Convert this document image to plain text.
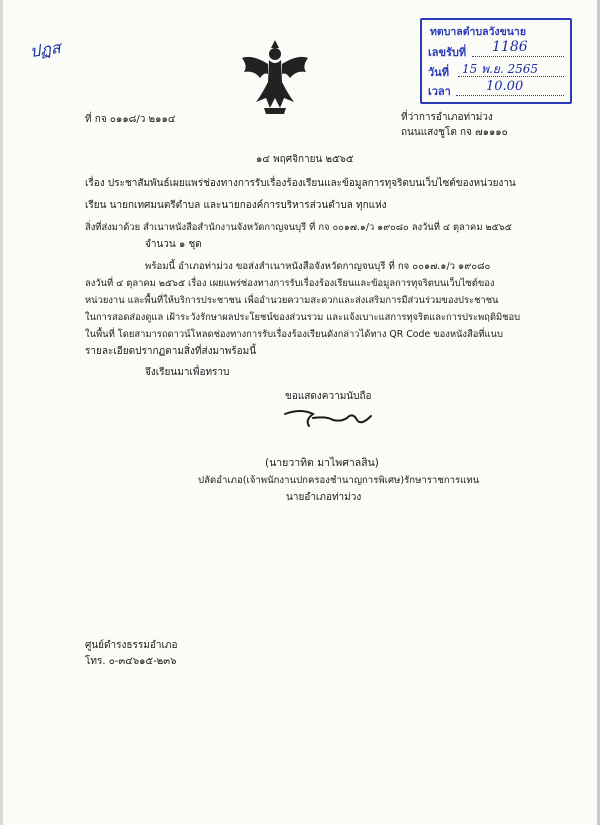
ปฏส
ทตบาลตำบลวังขนาย
เลขรับที่ 1186
วันที่ 15 พ.ย. 2565
เวลา	10.00
ที่ กจ ๐๑๑๘/ว ๒๑๑๔	ที่ว่าการอำเภอท่าม่วง
ถนนแสงชูโต กจ ๗๑๑๑๐
๑๔ พฤศจิกายน ๒๕๖๕
เรื่อง ประชาสัมพันธ์เผยแพร่ช่องทางการรับเรื่องร้องเรียนและข้อมูลการทุจริตบนเว็บไซต์ของหน่วยงาน
เรียน นายกเทศมนตรีตำบล และนายกองค์การบริหารส่วนตำบล ทุกแห่ง
สิ่งที่ส่งมาด้วย สำเนาหนังสือสำนักงานจังหวัดกาญจนบุรี ที่ กจ ๐๐๑๗.๑/ว ๑๙๐๘๐ ลงวันที่ ๔ ตุลาคม ๒๕๖๕
จำนวน ๑ ชุด
พร้อมนี้ อำเภอท่าม่วง ขอส่งสำเนาหนังสือจังหวัดกาญจนบุรี ที่ กจ ๐๐๑๗.๑/ว ๑๙๐๘๐
ลงวันที่ ๔ ตุลาคม ๒๕๖๕ เรื่อง เผยแพร่ช่องทางการรับเรื่องร้องเรียนและข้อมูลการทุจริตบนเว็บไซต์ของ
หน่วยงาน และพื้นที่ให้บริการประชาชน เพื่ออำนวยความสะดวกและส่งเสริมการมีส่วนร่วมของประชาชน
ในการสอดส่องดูแล เฝ้าระวังรักษาผลประโยชน์ของส่วนรวม และแจ้งเบาะแสการทุจริตและการประพฤติมิชอบ
ในพื้นที่ โดยสามารถดาวน์โหลดช่องทางการรับเรื่องร้องเรียนดังกล่าวได้ทาง QR Code ของหนังสือที่แนบ
รายละเอียดปรากฏตามสิ่งที่ส่งมาพร้อมนี้
จึงเรียนมาเพื่อทราบ
ขอแสดงความนับถือ
(นายวาทิต มาไพศาลสิน)
ปลัดอำเภอ(เจ้าพนักงานปกครองชำนาญการพิเศษ)รักษาราชการแทน
นายอำเภอท่าม่วง
ศูนย์ดำรงธรรมอำเภอ
โทร. ๐-๓๔๖๑๕-๒๓๖
